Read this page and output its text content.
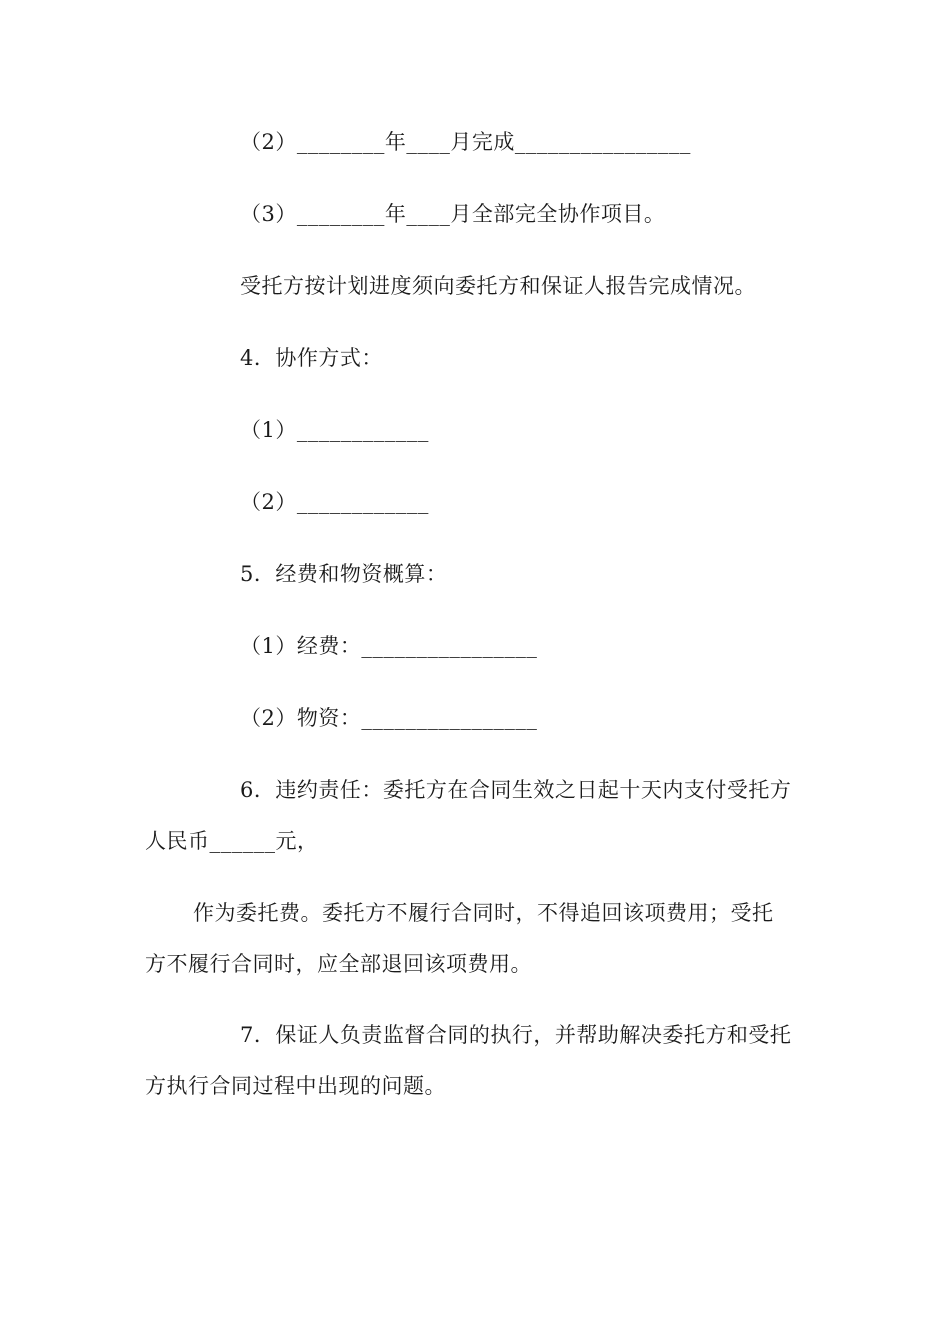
（2）________年____月完成________________
（3）________年____月全部完全协作项目。
受托方按计划进度须向委托方和保证人报告完成情况。
4．协作方式：
（1）____________
（2）____________
5．经费和物资概算：
（1）经费：________________
（2）物资：________________
6．违约责任：委托方在合同生效之日起十天内支付受托方
人民币______元，
作为委托费。委托方不履行合同时，不得追回该项费用；受托
方不履行合同时，应全部退回该项费用。
7．保证人负责监督合同的执行，并帮助解决委托方和受托
方执行合同过程中出现的问题。
